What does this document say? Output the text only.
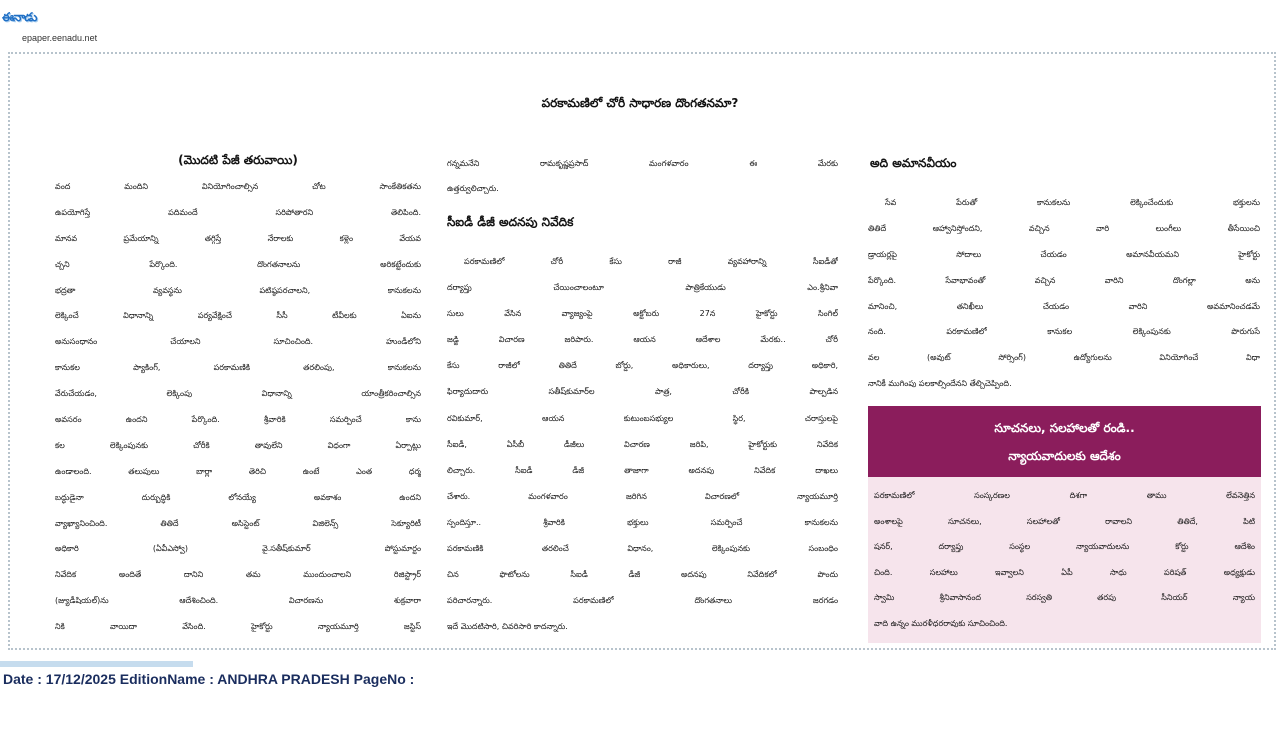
ఈనాడు
epaper.eenadu.net
పరకామణిలో చోరీ సాధారణ దొంగతనమా?
(మొదటి పేజీ తరువాయి)
వంద మందిని వినియోగించాల్సిన చోట సాంకేతికతను
ఉపయోగిస్తే పదిమందే సరిపోతారని తెలిపింది.
మానవ ప్రమేయాన్ని తగ్గిస్తే నేరాలకు కళ్లెం వేయవ
చ్చని పేర్కొంది. దొంగతనాలను అరికట్టేందుకు
భద్రతా వ్యవస్థను పటిష్ఠపరచాలని, కానుకలను
లెక్కించే విధానాన్ని పర్యవేక్షించే సీసీ టీవీలకు ఏఐను
అనుసంధానం చేయాలని సూచించింది. హుండీలోని
కానుకల ప్యాకింగ్, పరకామణికి తరలింపు, కానుకలను
వేరుచేయడం, లెక్కింపు విధానాన్ని యాంత్రీకరించాల్సిన
అవసరం ఉందని పేర్కొంది. శ్రీవారికి సమర్పించే కాను
కల లెక్కింపునకు చోరీకి తావులేని విధంగా ఏర్పాట్లు
ఉండాలంది. తలుపులు బార్లా తెరిచి ఉంటే ఎంత ధర్మ
బద్ధుడైనా దుర్బుద్ధికి లోనయ్యే అవకాశం ఉందని
వ్యాఖ్యానించింది. తితిదే అసిస్టెంట్ విజిలెన్స్ సెక్యూరిటీ
అధికారి (ఏవీఎస్వో) వై.సతీష్‌కుమార్ పోస్టుమార్టం
నివేదిక అందితే దానిని తమ ముందుంచాలని రిజిస్ట్రార్
(జ్యుడీషియల్)ను ఆదేశించింది. విచారణను శుక్రవారా
నికి వాయిదా వేసింది. హైకోర్టు న్యాయమూర్తి జస్టిస్
గన్నమనేని రామకృష్ణప్రసాద్ మంగళవారం ఈ మేరకు
ఉత్తర్వులిచ్చారు.
సీఐడీ డీజీ అదనపు నివేదిక
పరకామణిలో చోరీ కేసు రాజీ వ్యవహారాన్ని సీఐడీతో
దర్యాప్తు చేయించాలంటూ పాత్రికేయుడు ఎం.శ్రీనివా
సులు వేసిన వ్యాజ్యంపై అక్టోబరు 27న హైకోర్టు సింగిల్
జడ్జి విచారణ జరిపారు. ఆయన ఆదేశాల మేరకు.. చోరీ
కేసు రాజీలో తితిదే బోర్డు, అధికారులు, దర్యాప్తు అధికారి,
ఫిర్యాదుదారు సతీష్‌కుమార్‌ల పాత్ర, చోరీకి పాల్పడిన
రవికుమార్, ఆయన కుటుంబసభ్యుల స్థిర, చరాస్తులపై
సీఐడీ, ఏసీబీ డీజీలు విచారణ జరిపి, హైకోర్టుకు నివేదిక
లిచ్చారు. సీఐడీ డీజీ తాజాగా అదనపు నివేదిక దాఖలు
చేశారు. మంగళవారం జరిగిన విచారణలో న్యాయమూర్తి
స్పందిస్తూ.. శ్రీవారికి భక్తులు సమర్పించే కానుకలను
పరకామణికి తరలించే విధానం, లెక్కింపునకు సంబంధిం
చిన ఫొటోలను సీఐడీ డీజీ అదనపు నివేదికలో పొందు
పరిచారన్నారు. పరకామణిలో దొంగతనాలు జరగడం
ఇదే మొదటిసారి, చివరిసారి కాదన్నారు.
అది అమానవీయం
సేవ పేరుతో కానుకలను లెక్కించేందుకు భక్తులను
తితిదే ఆహ్వానిస్తోందని, వచ్చిన వారి లుంగీలు తీసేయించి
డ్రాయర్లపై సోదాలు చేయడం అమానవీయమని హైకోర్టు
పేర్కొంది. సేవాభావంతో వచ్చిన వారిని దొంగల్లా అను
మానించి, తనిఖీలు చేయడం వారిని అవమానించడమే
నంది. పరకామణిలో కానుకల లెక్కింపునకు పొరుగుసే
వల (అవుట్ సోర్సింగ్) ఉద్యోగులను వినియోగించే విధా
నానికీ ముగింపు పలకాల్సిందేనని తేల్చిచెప్పింది.
సూచనలు, సలహాలతో రండి..
న్యాయవాదులకు ఆదేశం
పరకామణిలో సంస్కరణల దిశగా తాము లేవనెత్తిన
అంశాలపై సూచనలు, సలహాలతో రావాలని తితిదే, పిటి
షనర్, దర్యాప్తు సంస్థల న్యాయవాదులను కోర్టు ఆదేశిం
చింది. సలహాలు ఇవ్వాలని ఏపీ సాధు పరిషత్ అధ్యక్షుడు
స్వామి శ్రీనివాసానంద సరస్వతి తరపు సీనియర్ న్యాయ
వాది ఉన్నం మురళీధరరావుకు సూచించింది.
Date : 17/12/2025 EditionName : ANDHRA PRADESH PageNo :
